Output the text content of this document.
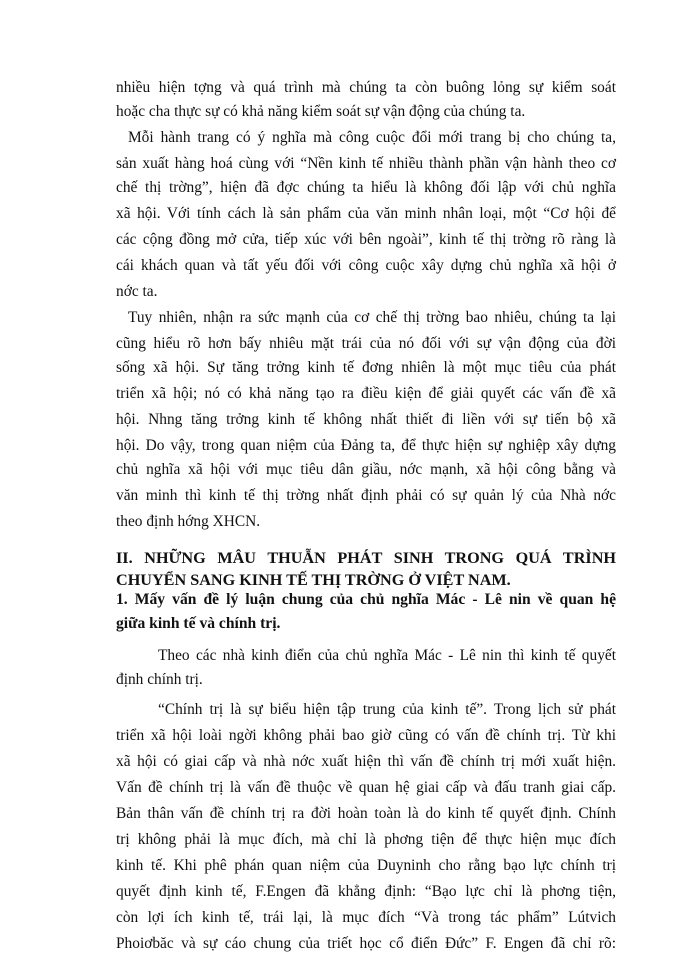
nhiều hiện tợng và quá trình mà chúng ta còn buông lỏng sự kiểm soát
hoặc cha thực sự có khả năng kiểm soát sự vận động của chúng ta.
Mỗi hành trang có ý nghĩa mà công cuộc đổi mới trang bị cho chúng ta,
sản xuất hàng hoá cùng với “Nền kinh tế nhiều thành phần vận hành theo cơ
chế thị trờng”, hiện đã đợc chúng ta hiểu là không đối lập với chủ nghĩa
xã hội. Với tính cách là sản phẩm của văn minh nhân loại, một “Cơ hội để
các cộng đồng mở cửa, tiếp xúc với bên ngoài”, kinh tế thị trờng rõ ràng là
cái khách quan và tất yếu đối với công cuộc xây dựng chủ nghĩa xã hội ở
nớc ta.
Tuy nhiên, nhận ra sức mạnh của cơ chế thị trờng bao nhiêu, chúng ta lại
cũng hiểu rõ hơn bấy nhiêu mặt trái của nó đối với sự vận động của đời
sống xã hội. Sự tăng trởng kinh tế đơng nhiên là một mục tiêu của phát
triển xã hội; nó có khả năng tạo ra điều kiện để giải quyết các vấn đề xã
hội. Nhng tăng trởng kinh tế không nhất thiết đi liền với sự tiến bộ xã
hội. Do vậy, trong quan niệm của Đảng ta, để thực hiện sự nghiệp xây dựng
chủ nghĩa xã hội với mục tiêu dân giầu, nớc mạnh, xã hội công bằng và
văn minh thì kinh tế thị trờng nhất định phải có sự quản lý của Nhà nớc
theo định hớng XHCN.
II. NHỮNG MÂU THUẪN PHÁT SINH TRONG QUÁ TRÌNH
CHUYỂN SANG KINH TẾ THỊ TRỜNG Ở VIỆT NAM.
1. Mấy vấn đề lý luận chung của chủ nghĩa Mác - Lê nin về quan hệ
giữa kinh tế và chính trị.
Theo các nhà kinh điển của chủ nghĩa Mác - Lê nin thì kinh tế quyết
định chính trị.
“Chính trị là sự biểu hiện tập trung của kinh tế”. Trong lịch sử phát
triển xã hội loài ngời không phải bao giờ cũng có vấn đề chính trị. Từ khi
xã hội có giai cấp và nhà nớc xuất hiện thì vấn đề chính trị mới xuất hiện.
Vấn đề chính trị là vấn đề thuộc về quan hệ giai cấp và đấu tranh giai cấp.
Bản thân vấn đề chính trị ra đời hoàn toàn là do kinh tế quyết định. Chính
trị không phải là mục đích, mà chỉ là phơng tiện để thực hiện mục đích
kinh tế. Khi phê phán quan niệm của Duyninh cho rằng bạo lực chính trị
quyết định kinh tế, F.Engen đã khẳng định: “Bạo lực chỉ là phơng tiện,
còn lợi ích kinh tế, trái lại, là mục đích “Và trong tác phẩm” Lútvich
Phoiơbăc và sự cáo chung của triết học cổ điển Đức” F. Engen đã chỉ rõ:
